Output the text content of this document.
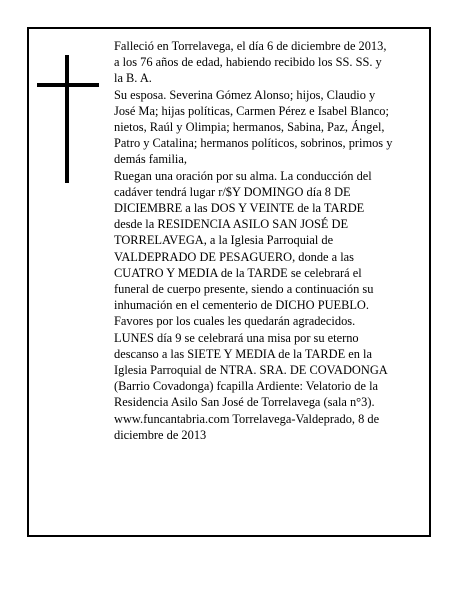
Falleció en Torrelavega, el día 6 de diciembre de 2013,
a los 76 años de edad, habiendo recibido los SS. SS. y
la B. A.
Su esposa. Severina Gómez Alonso; hijos, Claudio y
José Ma; hijas políticas, Carmen Pérez e Isabel Blanco;
nietos, Raúl y Olimpia; hermanos, Sabina, Paz, Ángel,
Patro y Catalina; hermanos políticos, sobrinos, primos y
demás familia,
Ruegan una oración por su alma. La conducción del
cadáver tendrá lugar r/$Y DOMINGO día 8 DE
DICIEMBRE a las DOS Y VEINTE de la TARDE
desde la RESIDENCIA ASILO SAN JOSÉ DE
TORRELAVEGA, a la Iglesia Parroquial de
VALDEPRADO DE PESAGUERO, donde a las
CUATRO Y MEDIA de la TARDE se celebrará el
funeral de cuerpo presente, siendo a continuación su
inhumación en el cementerio de DICHO PUEBLO.
Favores por los cuales les quedarán agradecidos.
LUNES día 9 se celebrará una misa por su eterno
descanso a las SIETE Y MEDIA de la TARDE en la
Iglesia Parroquial de NTRA. SRA. DE COVADONGA
(Barrio Covadonga) fcapilla Ardiente: Velatorio de la
Residencia Asilo San José de Torrelavega (sala n°3).
www.funcantabria.com Torrelavega-Valdeprado, 8 de
diciembre de 2013
